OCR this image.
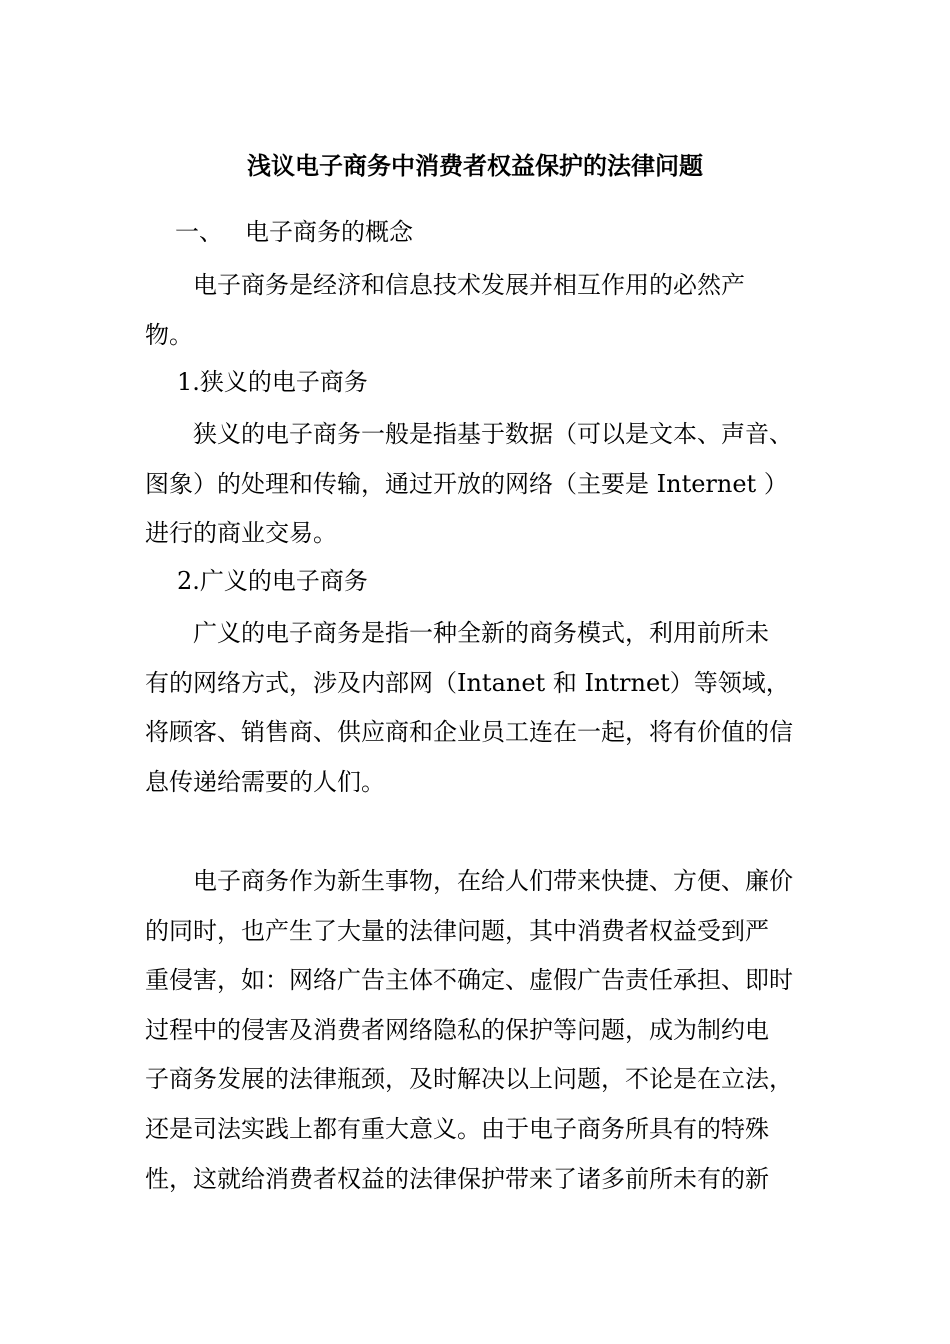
浅议电子商务中消费者权益保护的法律问题
一、 电子商务的概念
电子商务是经济和信息技术发展并相互作用的必然产
物。
1.狭义的电子商务
狭义的电子商务一般是指基于数据（可以是文本、声音、
图象）的处理和传输，通过开放的网络（主要是 Internet ）
进行的商业交易。
2.广义的电子商务
广义的电子商务是指一种全新的商务模式，利用前所未
有的网络方式，涉及内部网（Intanet 和 Intrnet）等领域，
将顾客、销售商、供应商和企业员工连在一起，将有价值的信
息传递给需要的人们。
电子商务作为新生事物，在给人们带来快捷、方便、廉价
的同时，也产生了大量的法律问题，其中消费者权益受到严
重侵害，如：网络广告主体不确定、虚假广告责任承担、即时
过程中的侵害及消费者网络隐私的保护等问题，成为制约电
子商务发展的法律瓶颈，及时解决以上问题，不论是在立法，
还是司法实践上都有重大意义。由于电子商务所具有的特殊
性，这就给消费者权益的法律保护带来了诸多前所未有的新
